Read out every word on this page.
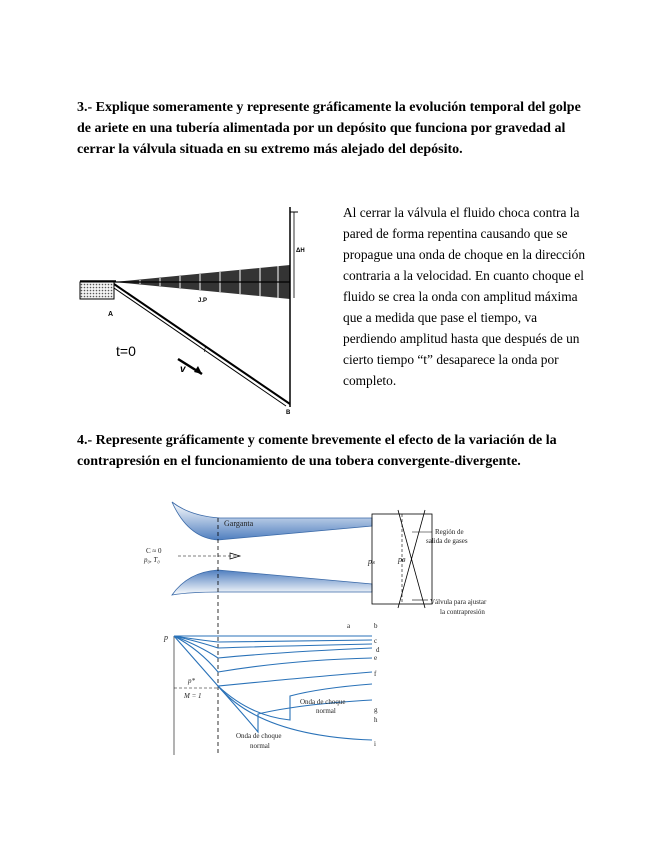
3.- Explique someramente y represente gráficamente la evolución temporal del golpe de ariete en una tubería alimentada por un depósito que funciona por gravedad al cerrar la válvula situada en su extremo más alejado del depósito.
ΔH
J.P
A
B
t=0	l
v
Al cerrar la válvula el fluido choca contra la pared de forma repentina causando que se propague una onda de choque en la dirección contraria a la velocidad. En cuanto choque el fluido se crea la onda con amplitud máxima que a medida que pase el tiempo, va perdiendo amplitud hasta que después de un cierto tiempo “t” desaparece la onda por completo.
4.- Represente gráficamente y comente brevemente el efecto de la variación de la contrapresión en el funcionamiento de una tobera convergente-divergente.
Garganta
C ≈ 0
p₀, T₀	pₛ	pв
Región de
salida de gases
Válvula para ajustar
la contrapresión
p
p*
M = 1
a	b
c
d
e
f
g
h
i
Onda de choque
normal
Onda de choque
normal
